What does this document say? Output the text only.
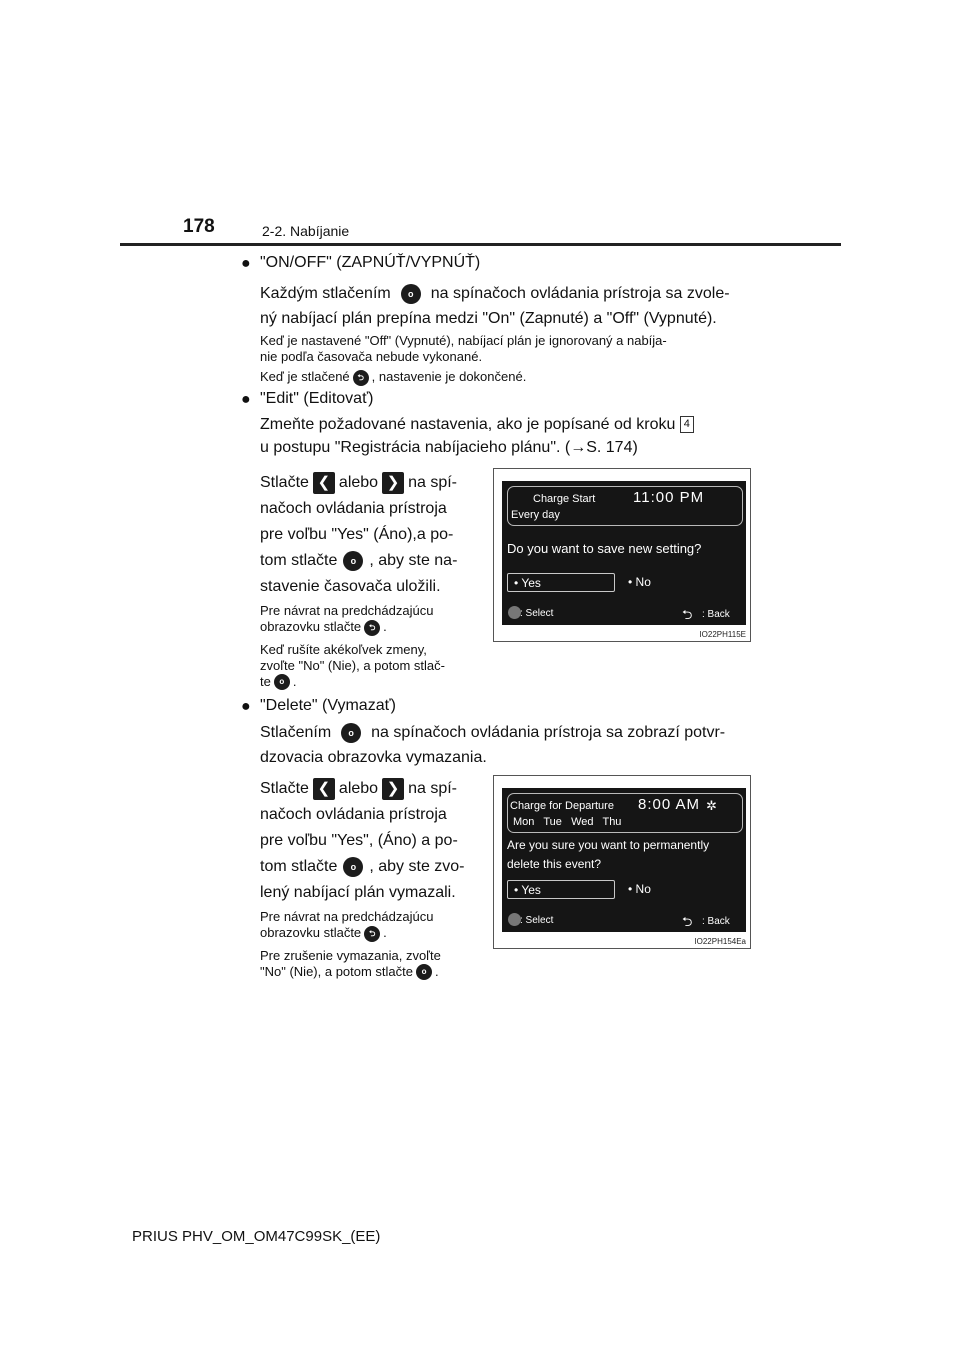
178	2-2. Nabíjanie
● "ON/OFF" (ZAPNÚŤ/VYPNÚŤ)
Každým stlačením o na spínačoch ovládania prístroja sa zvole-
ný nabíjací plán prepína medzi "On" (Zapnuté) a "Off" (Vypnuté).
Keď je nastavené "Off" (Vypnuté), nabíjací plán je ignorovaný a nabíja-
nie podľa časovača nebude vykonané.
Keď je stlačené ⮌ , nastavenie je dokončené.
● "Edit" (Editovať)
Zmeňte požadované nastavenia, ako je popísané od kroku 4
u postupu "Registrácia nabíjacieho plánu". (→S. 174)
Stlačte ❮ alebo ❯ na spí-
načoch ovládania prístroja
pre voľbu "Yes" (Áno),a po-
tom stlačte o , aby ste na-
stavenie časovača uložili.
Pre návrat na predchádzajúcu
obrazovku stlačte ⮌ .
Keď rušíte akékoľvek zmeny,
zvoľte "No" (Nie), a potom stlač-
te o .
Charge Start	11:00 PM
Every day
Do you want to save new setting?
• Yes	• No
: Select	⮌ : Back
IO22PH115E
● "Delete" (Vymazať)
Stlačením o na spínačoch ovládania prístroja sa zobrazí potvr-
dzovacia obrazovka vymazania.
Stlačte ❮ alebo ❯ na spí-
načoch ovládania prístroja
pre voľbu "Yes", (Áno) a po-
tom stlačte o , aby ste zvo-
lený nabíjací plán vymazali.
Pre návrat na predchádzajúcu
obrazovku stlačte ⮌ .
Pre zrušenie vymazania, zvoľte
"No" (Nie), a potom stlačte o .
Charge for Departure 8:00 AM ✲
Mon   Tue   Wed   Thu
Are you sure you want to permanently
delete this event?
• Yes	• No
: Select	⮌ : Back
IO22PH154Ea
PRIUS PHV_OM_OM47C99SK_(EE)
